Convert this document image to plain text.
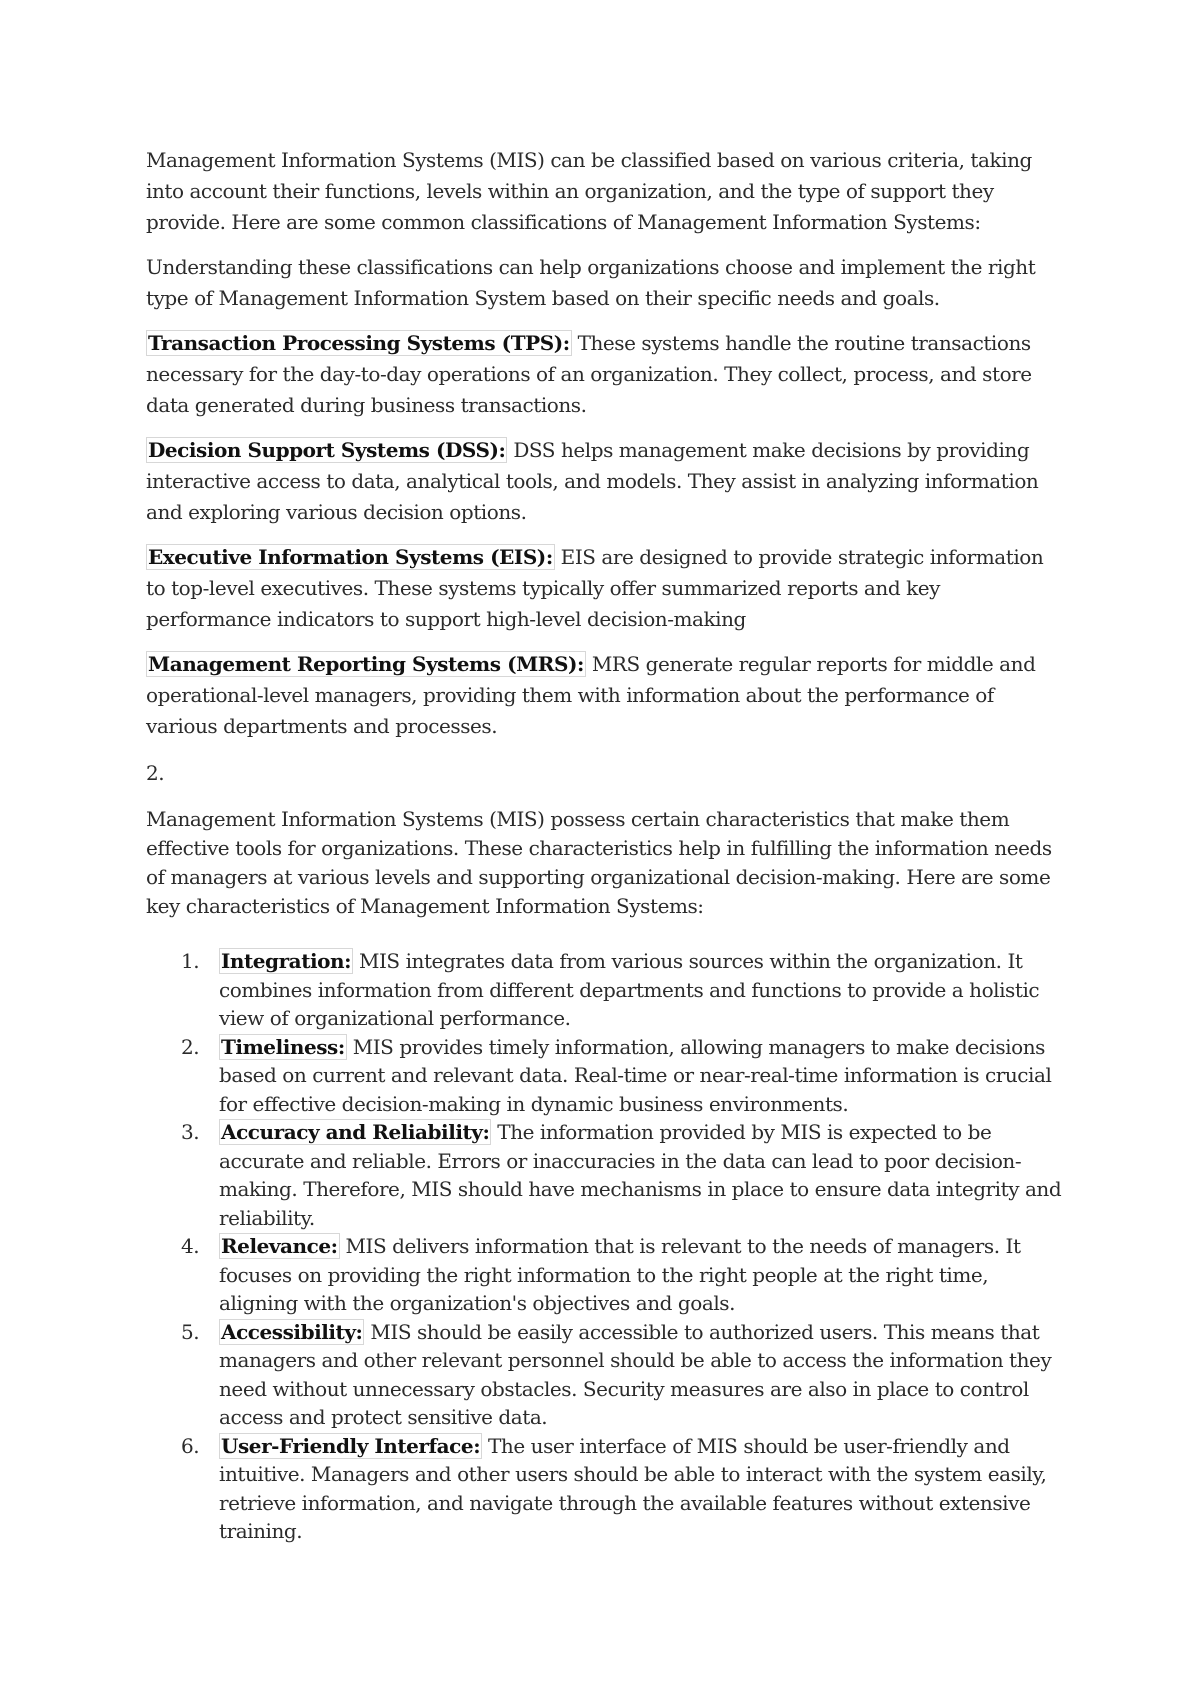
Management Information Systems (MIS) can be classified based on various criteria, taking into account their functions, levels within an organization, and the type of support they provide. Here are some common classifications of Management Information Systems:

Understanding these classifications can help organizations choose and implement the right type of Management Information System based on their specific needs and goals.

Transaction Processing Systems (TPS): These systems handle the routine transactions necessary for the day-to-day operations of an organization. They collect, process, and store data generated during business transactions.

Decision Support Systems (DSS): DSS helps management make decisions by providing interactive access to data, analytical tools, and models. They assist in analyzing information and exploring various decision options.

Executive Information Systems (EIS): EIS are designed to provide strategic information to top-level executives. These systems typically offer summarized reports and key performance indicators to support high-level decision-making

Management Reporting Systems (MRS): MRS generate regular reports for middle and operational-level managers, providing them with information about the performance of various departments and processes.

2.

Management Information Systems (MIS) possess certain characteristics that make them effective tools for organizations. These characteristics help in fulfilling the information needs of managers at various levels and supporting organizational decision-making. Here are some key characteristics of Management Information Systems:

1. Integration: MIS integrates data from various sources within the organization. It combines information from different departments and functions to provide a holistic view of organizational performance.
2. Timeliness: MIS provides timely information, allowing managers to make decisions based on current and relevant data. Real-time or near-real-time information is crucial for effective decision-making in dynamic business environments.
3. Accuracy and Reliability: The information provided by MIS is expected to be accurate and reliable. Errors or inaccuracies in the data can lead to poor decision-making. Therefore, MIS should have mechanisms in place to ensure data integrity and reliability.
4. Relevance: MIS delivers information that is relevant to the needs of managers. It focuses on providing the right information to the right people at the right time, aligning with the organization's objectives and goals.
5. Accessibility: MIS should be easily accessible to authorized users. This means that managers and other relevant personnel should be able to access the information they need without unnecessary obstacles. Security measures are also in place to control access and protect sensitive data.
6. User-Friendly Interface: The user interface of MIS should be user-friendly and intuitive. Managers and other users should be able to interact with the system easily, retrieve information, and navigate through the available features without extensive training.
